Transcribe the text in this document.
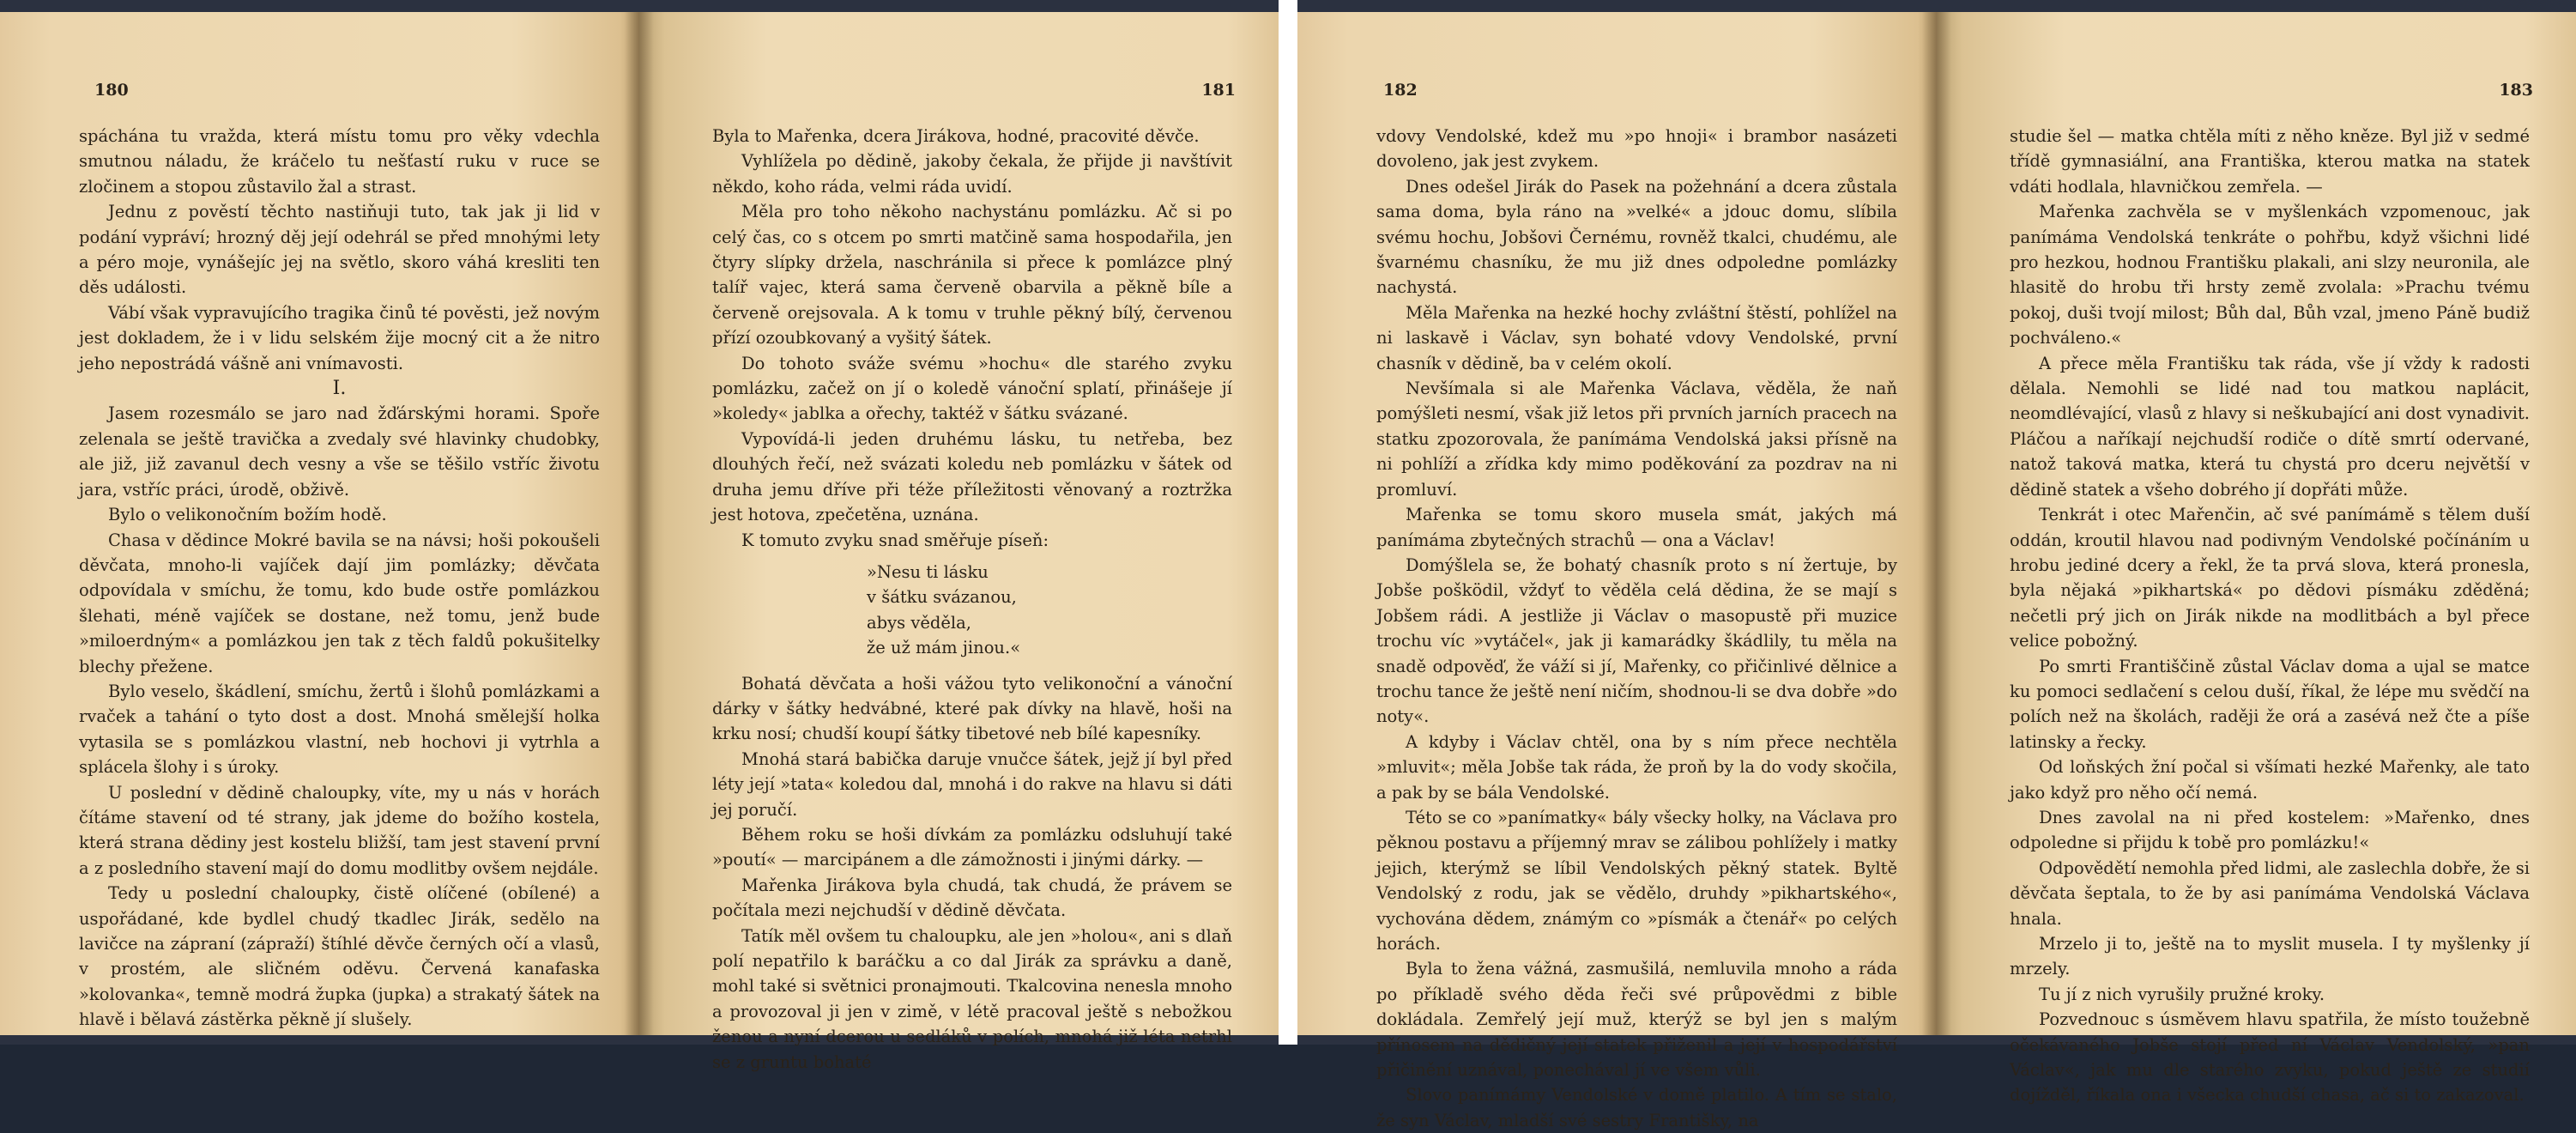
180

spáchána tu vražda, která místu tomu pro věky vdechla smutnou náladu, že kráčelo tu nešťastí ruku v ruce se zločinem a stopou zůstavilo žal a strast.

Jednu z pověstí těchto nastiňuji tuto, tak jak ji lid v podání vypráví; hrozný děj její odehrál se před mnohými lety a péro moje, vynášejíc jej na světlo, skoro váhá kresliti ten děs události.

Vábí však vypravujícího tragika činů té pověsti, jež novým jest dokladem, že i v lidu selském žije mocný cit a že nitro jeho nepostrádá vášně ani vnímavosti.

I.

Jasem rozesmálo se jaro nad žďárskými horami. Spoře zelenala se ještě travička a zvedaly své hlavinky chudobky, ale již, již zavanul dech vesny a vše se těšilo vstříc životu jara, vstříc práci, úrodě, obživě.

Bylo o velikonočním božím hodě.

Chasa v dědince Mokré bavila se na návsi; hoši pokoušeli děvčata, mnoho-li vajíček dají jim pomlázky; děvčata odpovídala v smíchu, že tomu, kdo bude ostře pomlázkou šlehati, méně vajíček se dostane, než tomu, jenž bude »miloerdným« a pomlázkou jen tak z těch faldů pokušitelky blechy přežene.

Bylo veselo, škádlení, smíchu, žertů i šlohů pomlázkami a rvaček a tahání o tyto dost a dost. Mnohá smělejší holka vytasila se s pomlázkou vlastní, neb hochovi ji vytrhla a splácela šlohy i s úroky.

U poslední v dědině chaloupky, víte, my u nás v horách čítáme stavení od té strany, jak jdeme do božího kostela, která strana dědiny jest kostelu bližší, tam jest stavení první a z posledního stavení mají do domu modlitby ovšem nejdále.

Tedy u poslední chaloupky, čistě olíčené (obílené) a uspořádané, kde bydlel chudý tkadlec Jirák, sedělo na lavičce na zápraní (zápraží) štíhlé děvče černých očí a vlasů, v prostém, ale sličném oděvu. Červená kanafaska »kolovanka«, temně modrá župka (jupka) a strakatý šátek na hlavě i bělavá zástěrka pěkně jí slušely.

181

Byla to Mařenka, dcera Jirákova, hodné, pracovité děvče.

Vyhlížela po dědině, jakoby čekala, že přijde ji navštívit někdo, koho ráda, velmi ráda uvidí.

Měla pro toho někoho nachystánu pomlázku. Ač si po celý čas, co s otcem po smrti matčině sama hospodařila, jen čtyry slípky držela, naschránila si přece k pomlázce plný talíř vajec, která sama červeně obarvila a pěkně bíle a červeně orejsovala. A k tomu v truhle pěkný bílý, červenou přízí ozoubkovaný a vyšitý šátek.

Do tohoto sváže svému »hochu« dle starého zvyku pomlázku, začež on jí o koledě vánoční splatí, přinášeje jí »koledy« jablka a ořechy, taktéž v šátku svázané.

Vypovídá-li jeden druhému lásku, tu netřeba, bez dlouhých řečí, než svázati koledu neb pomlázku v šátek od druha jemu dříve při téže příležitosti věnovaný a roztržka jest hotova, zpečetěna, uznána.

K tomuto zvyku snad směřuje píseň:

»Nesu ti lásku
v šátku svázanou,
abys věděla,
že už mám jinou.«

Bohatá děvčata a hoši vážou tyto velikonoční a vánoční dárky v šátky hedvábné, které pak dívky na hlavě, hoši na krku nosí; chudší koupí šátky tibetové neb bílé kapesníky.

Mnohá stará babička daruje vnučce šátek, jejž jí byl před léty její »tata« koledou dal, mnohá i do rakve na hlavu si dáti jej poručí.

Během roku se hoši dívkám za pomlázku odsluhují také »poutí« — marcipánem a dle zámožnosti i jinými dárky. —

Mařenka Jirákova byla chudá, tak chudá, že právem se počítala mezi nejchudší v dědině děvčata.

Tatík měl ovšem tu chaloupku, ale jen »holou«, ani s dlaň polí nepatřilo k baráčku a co dal Jirák za správku a daně, mohl také si světnici pronajmouti. Tkalcovina nenesla mnoho a provozoval ji jen v zimě, v létě pracoval ještě s nebožkou ženou a nyní dcerou u sedláků v polích, mnohá již léta netrhl se z gruntu bohaté

182

vdovy Vendolské, kdež mu »po hnoji« i brambor nasázeti dovoleno, jak jest zvykem.

Dnes odešel Jirák do Pasek na požehnání a dcera zůstala sama doma, byla ráno na »velké« a jdouc domu, slíbila svému hochu, Jobšovi Černému, rovněž tkalci, chudému, ale švarnému chasníku, že mu již dnes odpoledne pomlázky nachystá.

Měla Mařenka na hezké hochy zvláštní štěstí, pohlížel na ni laskavě i Václav, syn bohaté vdovy Vendolské, první chasník v dědině, ba v celém okolí.

Nevšímala si ale Mařenka Václava, věděla, že naň pomýšleti nesmí, však již letos při prvních jarních pracech na statku zpozorovala, že panímáma Vendolská jaksi přísně na ni pohlíží a zřídka kdy mimo poděkování za pozdrav na ni promluví.

Mařenka se tomu skoro musela smát, jakých má panímáma zbytečných strachů — ona a Václav!

Domýšlela se, že bohatý chasník proto s ní žertuje, by Jobše pošködil, vždyť to věděla celá dědina, že se mají s Jobšem rádi. A jestliže ji Václav o masopustě při muzice trochu víc »vytáčel«, jak ji kamarádky škádlily, tu měla na snadě odpověď, že váží si jí, Mařenky, co přičinlivé dělnice a trochu tance že ještě není ničím, shodnou-li se dva dobře »do noty«.

A kdyby i Václav chtěl, ona by s ním přece nechtěla »mluvit«; měla Jobše tak ráda, že proň by la do vody skočila, a pak by se bála Vendolské.

Této se co »panímatky« bály všecky holky, na Václava pro pěknou postavu a příjemný mrav se zálibou pohlížely i matky jejich, kterýmž se líbil Vendolských pěkný statek. Byltě Vendolský z rodu, jak se vědělo, druhdy »pikhartského«, vychována dědem, známým co »písmák a čtenář« po celých horách.

Byla to žena vážná, zasmušilá, nemluvila mnoho a ráda po příkladě svého děda řeči své průpovědmi z bible dokládala. Zemřelý její muž, kterýž se byl jen s malým přínosem na dědičný její statek přiženil a její v hospodářství přičinění uznával, ponechával jí ve všem vůli.

Slovo panímámy Vendolské v domě platilo. A tím se stalo, že syn Václav, mladší své sestry Františky, na

183

studie šel — matka chtěla míti z něho kněze. Byl již v sedmé třídě gymnasiální, ana Františka, kterou matka na statek vdáti hodlala, hlavničkou zemřela. —

Mařenka zachvěla se v myšlenkách vzpomenouc, jak panímáma Vendolská tenkráte o pohřbu, když všichni lidé pro hezkou, hodnou Františku plakali, ani slzy neuronila, ale hlasitě do hrobu tři hrsty země zvolala: »Prachu tvému pokoj, duši tvojí milost; Bůh dal, Bůh vzal, jmeno Páně budiž pochváleno.«

A přece měla Františku tak ráda, vše jí vždy k radosti dělala. Nemohli se lidé nad tou matkou naplácit, neomdlévající, vlasů z hlavy si neškubající ani dost vynadivit. Pláčou a naříkají nejchudší rodiče o dítě smrtí odervané, natož taková matka, která tu chystá pro dceru největší v dědině statek a všeho dobrého jí dopřáti může.

Tenkrát i otec Mařenčin, ač své panímámě s tělem duší oddán, kroutil hlavou nad podivným Vendolské počínáním u hrobu jediné dcery a řekl, že ta prvá slova, která pronesla, byla nějaká »pikhartská« po dědovi písmáku zděděná; nečetli prý jich on Jirák nikde na modlitbách a byl přece velice pobožný.

Po smrti Františčině zůstal Václav doma a ujal se matce ku pomoci sedlačení s celou duší, říkal, že lépe mu svědčí na polích než na školách, raději že orá a zasévá než čte a píše latinsky a řecky.

Od loňských žní počal si všímati hezké Mařenky, ale tato jako když pro něho očí nemá.

Dnes zavolal na ni před kostelem: »Mařenko, dnes odpoledne si přijdu k tobě pro pomlázku!«

Odpovědětí nemohla před lidmi, ale zaslechla dobře, že si děvčata šeptala, to že by asi panímáma Vendolská Václava hnala.

Mrzelo ji to, ještě na to myslit musela. I ty myšlenky jí mrzely.

Tu jí z nich vyrušily pružné kroky.

Pozvednouc s úsměvem hlavu spatřila, že místo toužebně očekávaného Jobše stojí před ní Václav Vendolský, »pan Václav«, jak mu dle starého zvyku, pokud ještě ze studií dojížděl, říkala ona i všecka chudší chasa, ač si to zakazoval.
